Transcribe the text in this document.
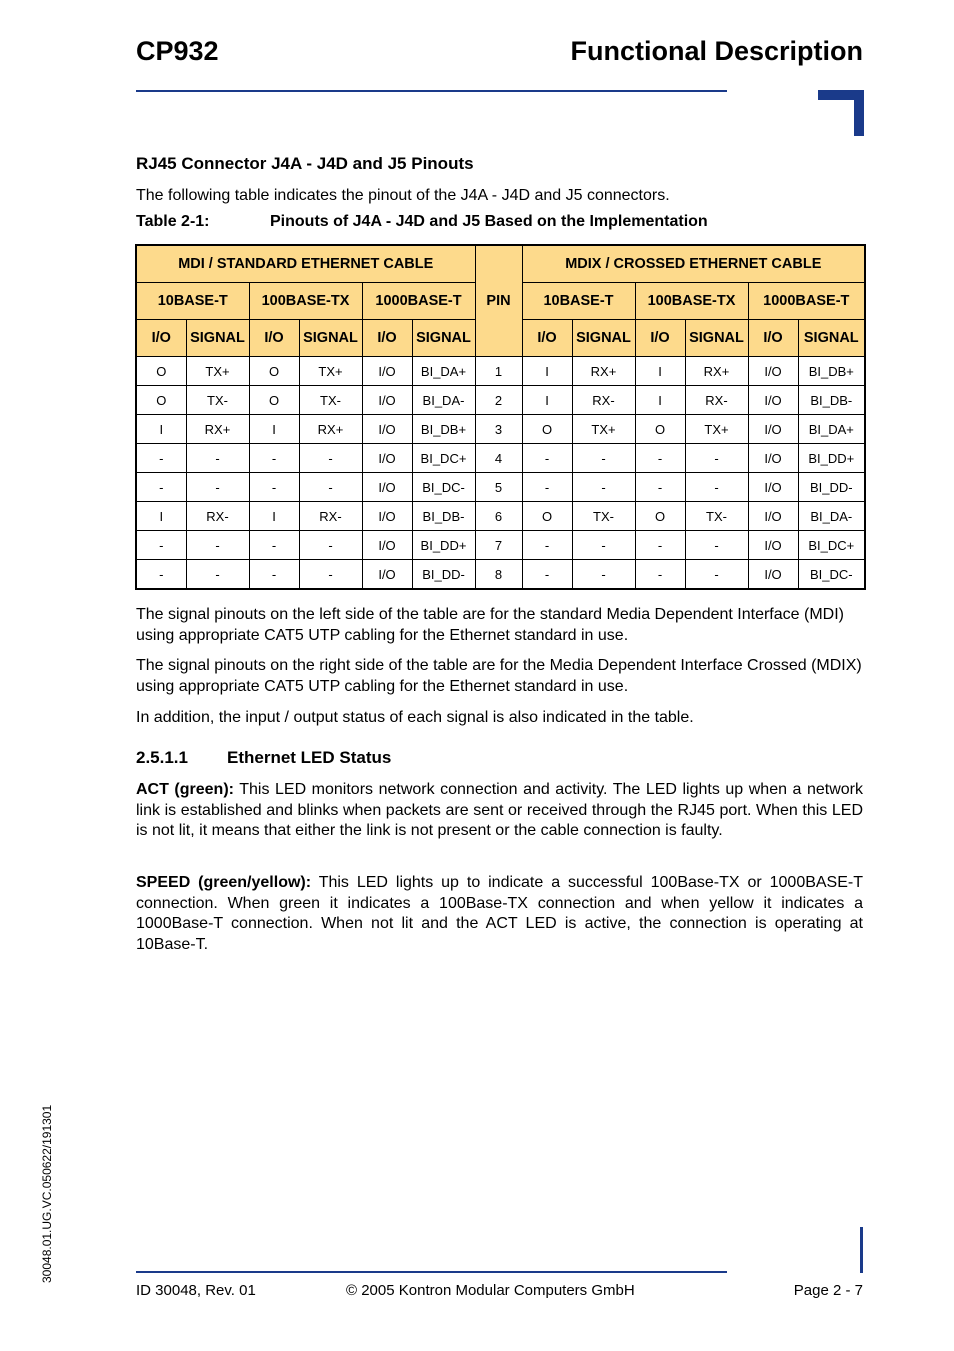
CP932	Functional Description
RJ45 Connector J4A - J4D and J5 Pinouts
The following table indicates the pinout of the J4A - J4D and J5 connectors.
Table 2-1:	Pinouts of J4A - J4D and J5 Based on the Implementation
MDI / STANDARD ETHERNET CABLE						PIN	MDIX / CROSSED ETHERNET CABLE					
10BASE-T		100BASE-TX		1000BASE-T			10BASE-T		100BASE-TX		1000BASE-T	
I/O	SIGNAL	I/O	SIGNAL	I/O	SIGNAL		I/O	SIGNAL	I/O	SIGNAL	I/O	SIGNAL
O	TX+	O	TX+	I/O	BI_DA+	1	I	RX+	I	RX+	I/O	BI_DB+
O	TX-	O	TX-	I/O	BI_DA-	2	I	RX-	I	RX-	I/O	BI_DB-
I	RX+	I	RX+	I/O	BI_DB+	3	O	TX+	O	TX+	I/O	BI_DA+
-	-	-	-	I/O	BI_DC+	4	-	-	-	-	I/O	BI_DD+
-	-	-	-	I/O	BI_DC-	5	-	-	-	-	I/O	BI_DD-
I	RX-	I	RX-	I/O	BI_DB-	6	O	TX-	O	TX-	I/O	BI_DA-
-	-	-	-	I/O	BI_DD+	7	-	-	-	-	I/O	BI_DC+
-	-	-	-	I/O	BI_DD-	8	-	-	-	-	I/O	BI_DC-
The signal pinouts on the left side of the table are for the standard Media Dependent Interface (MDI) using appropriate CAT5 UTP cabling for the Ethernet standard in use.
The signal pinouts on the right side of the table are for the Media Dependent Interface Crossed (MDIX) using appropriate CAT5 UTP cabling for the Ethernet standard in use.
In addition, the input / output status of each signal is also indicated in the table.
2.5.1.1 Ethernet LED Status
ACT (green): This LED monitors network connection and activity. The LED lights up when a network link is established and blinks when packets are sent or received through the RJ45 port. When this LED is not lit, it means that either the link is not present or the cable connection is faulty.
SPEED (green/yellow): This LED lights up to indicate a successful 100Base-TX or 1000BASE-T connection. When green it indicates a 100Base-TX connection and when yellow it indicates a 1000Base-T connection. When not lit and the ACT LED is active, the connection is operating at 10Base-T.
30048.01.UG.VC.050622/191301
ID 30048, Rev. 01	© 2005 Kontron Modular Computers GmbH	Page 2 - 7
